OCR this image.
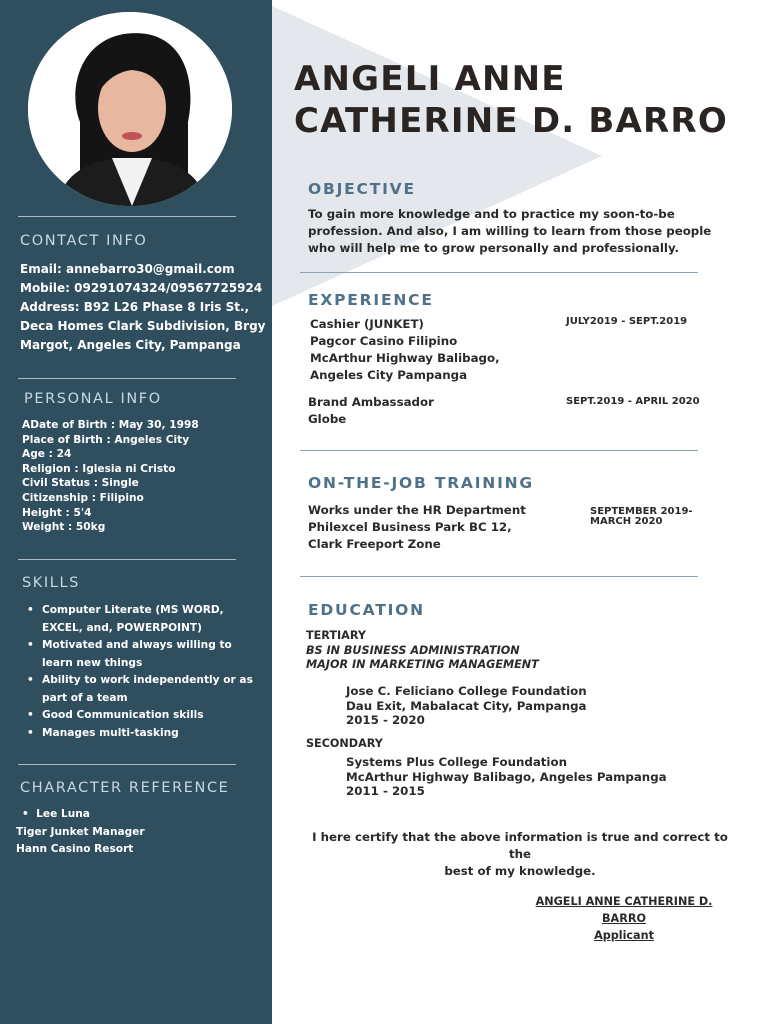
CONTACT INFO
Email: annebarro30@gmail.com
Mobile: 09291074324/09567725924
Address: B92 L26 Phase 8 Iris St.,
Deca Homes Clark Subdivision, Brgy
Margot, Angeles City, Pampanga
PERSONAL INFO
ADate of Birth : May 30, 1998
Place of Birth : Angeles City
Age : 24
Religion : Iglesia ni Cristo
Civil Status : Single
Citizenship : Filipino
Height : 5'4
Weight : 50kg
SKILLS
• Computer Literate (MS WORD,
EXCEL, and, POWERPOINT)
• Motivated and always willing to
learn new things
• Ability to work independently or as
part of a team
• Good Communication skills
• Manages multi-tasking
CHARACTER REFERENCE
•  Lee Luna
Tiger Junket Manager
Hann Casino Resort
ANGELI ANNE
CATHERINE D. BARRO
OBJECTIVE
To gain more knowledge and to practice my soon-to-be
profession. And also, I am willing to learn from those people
who will help me to grow personally and professionally.
EXPERIENCE
Cashier (JUNKET)
Pagcor Casino Filipino
McArthur Highway Balibago,
Angeles City Pampanga
JULY2019 - SEPT.2019
Brand Ambassador
Globe
SEPT.2019 - APRIL 2020
ON-THE-JOB TRAINING
Works under the HR Department
Philexcel Business Park BC 12,
Clark Freeport Zone
SEPTEMBER 2019-
MARCH 2020
EDUCATION
TERTIARY
BS IN BUSINESS ADMINISTRATION
MAJOR IN MARKETING MANAGEMENT
Jose C. Feliciano College Foundation
Dau Exit, Mabalacat City, Pampanga
2015 - 2020
SECONDARY
Systems Plus College Foundation
McArthur Highway Balibago, Angeles Pampanga
2011 - 2015
I here certify that the above information is true and correct to the
best of my knowledge.
ANGELI ANNE CATHERINE D. BARRO
Applicant
